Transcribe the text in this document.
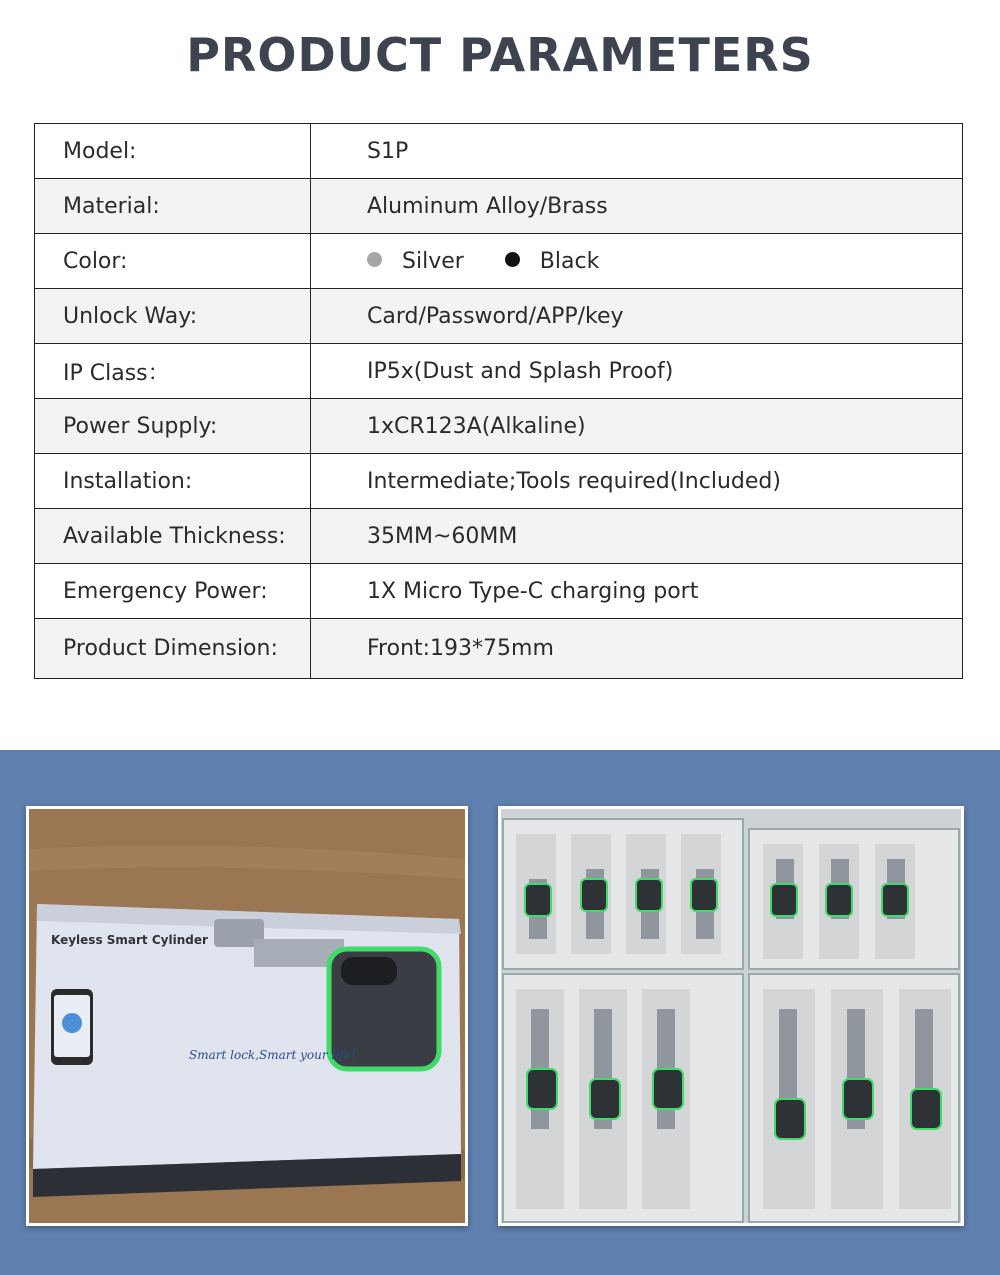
PRODUCT PARAMETERS
Model:	S1P
Material:	Aluminum Alloy/Brass
Color:	Silver Black
Unlock Way:	Card/Password/APP/key
IP Class：	IP5x(Dust and Splash Proof)
Power Supply:	1xCR123A(Alkaline)
Installation:	Intermediate;Tools required(Included)
Available Thickness:	35MM~60MM
Emergency Power:	1X Micro Type-C charging port
Product Dimension:	Front:193*75mm
Keyless Smart Cylinder
Smart lock,Smart your life!
